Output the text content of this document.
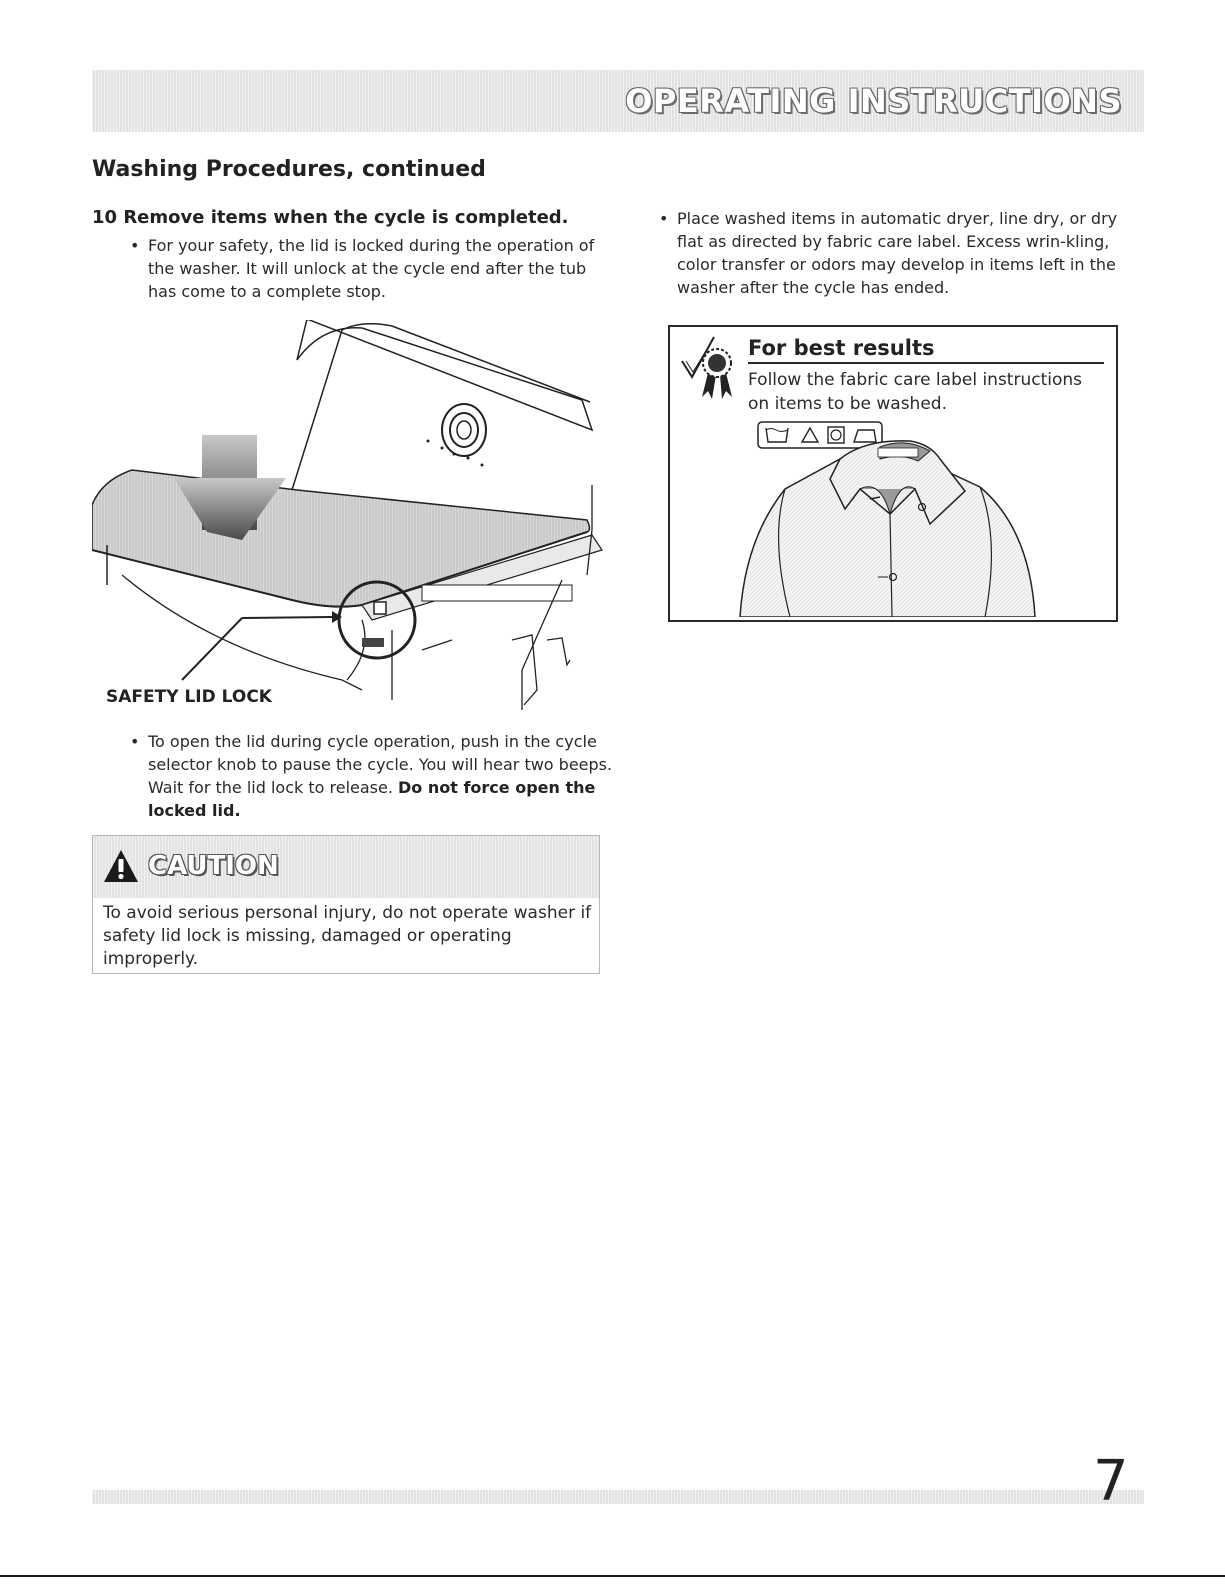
OPERATING INSTRUCTIONS
Washing Procedures, continued
10 Remove items when the cycle is completed.
• For your safety, the lid is locked during the operation of the washer. It will unlock at the cycle end after the tub has come to a complete stop.
SAFETY LID LOCK
• To open the lid during cycle operation, push in the cycle selector knob to pause the cycle. You will hear two beeps. Wait for the lid lock to release. Do not force open the locked lid.
CAUTION
To avoid serious personal injury, do not operate washer if safety lid lock is missing, damaged or operating improperly.
• Place washed items in automatic dryer, line dry, or dry flat as directed by fabric care label. Excess wrin-kling, color transfer or odors may develop in items left in the washer after the cycle has ended.
For best results
Follow the fabric care label instructions on items to be washed.
7
